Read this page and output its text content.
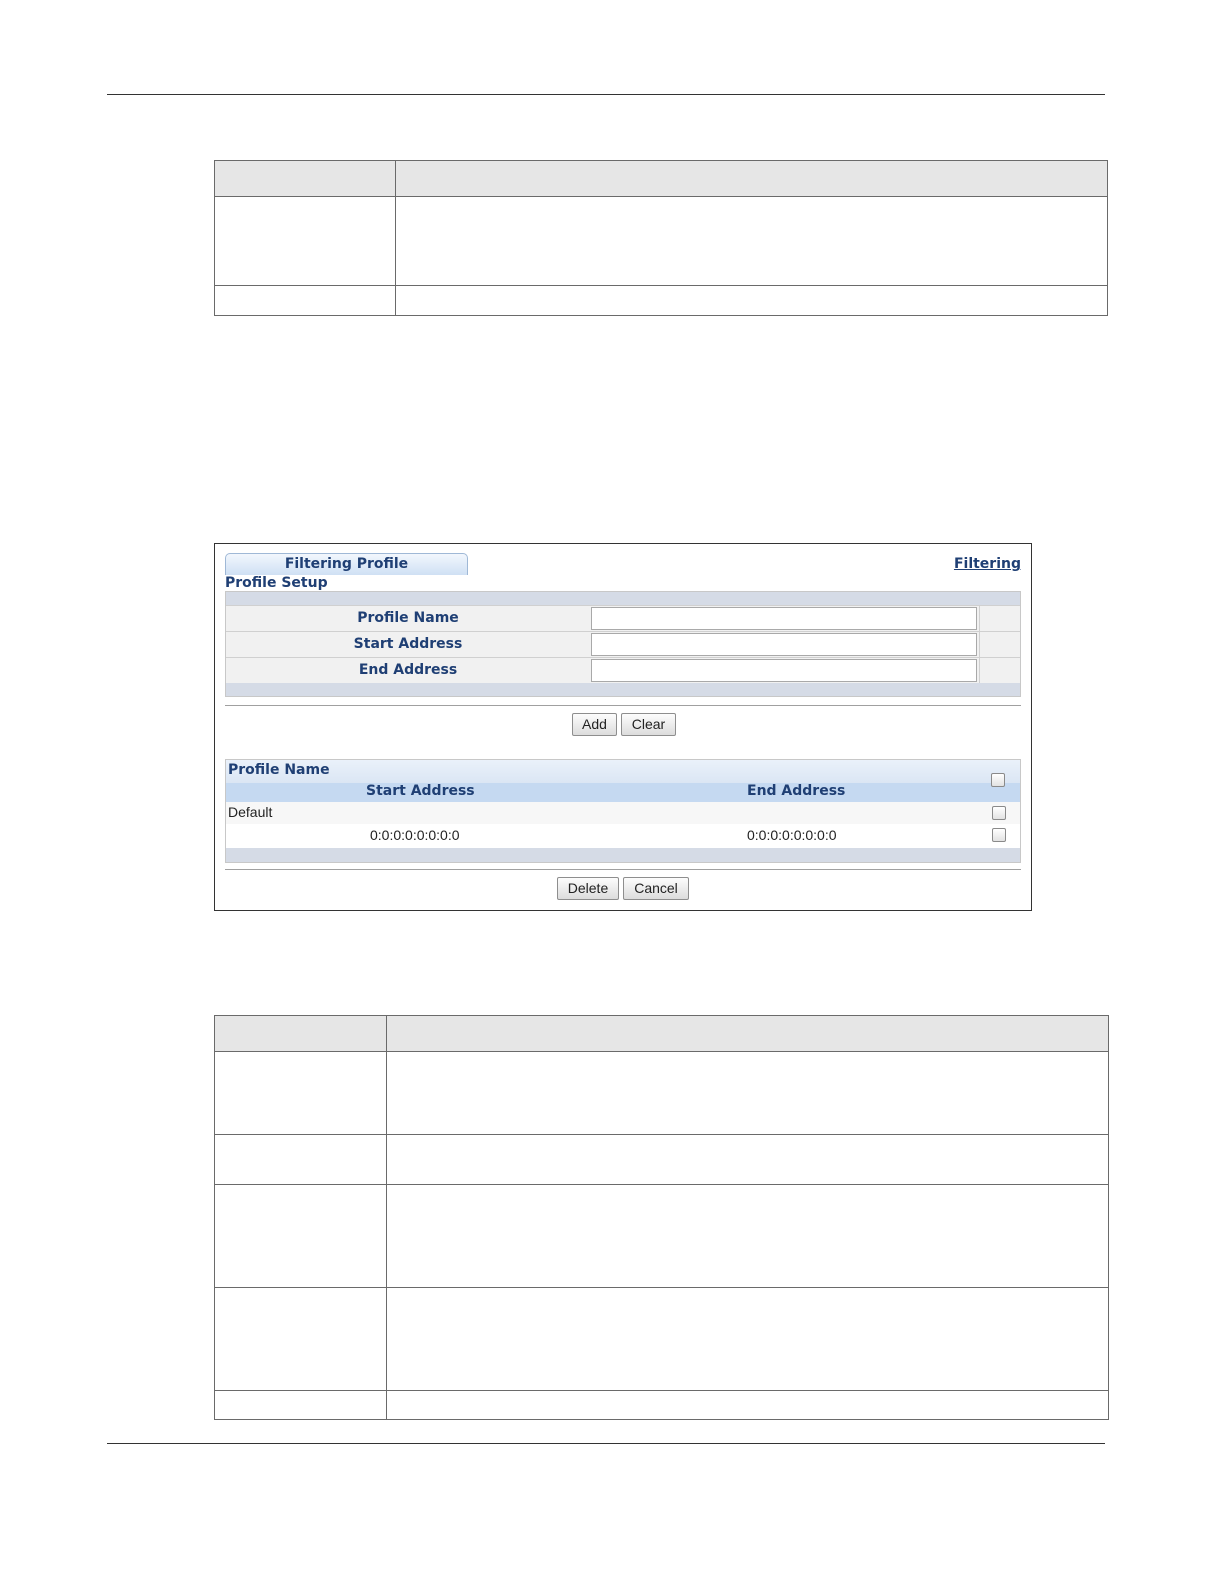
Filtering Profile	Filtering
Profile Setup
Profile Name
Start Address
End Address
Add	Clear
Profile Name
Start Address	End Address
Default
0:0:0:0:0:0:0:0	0:0:0:0:0:0:0:0
Delete	Cancel
